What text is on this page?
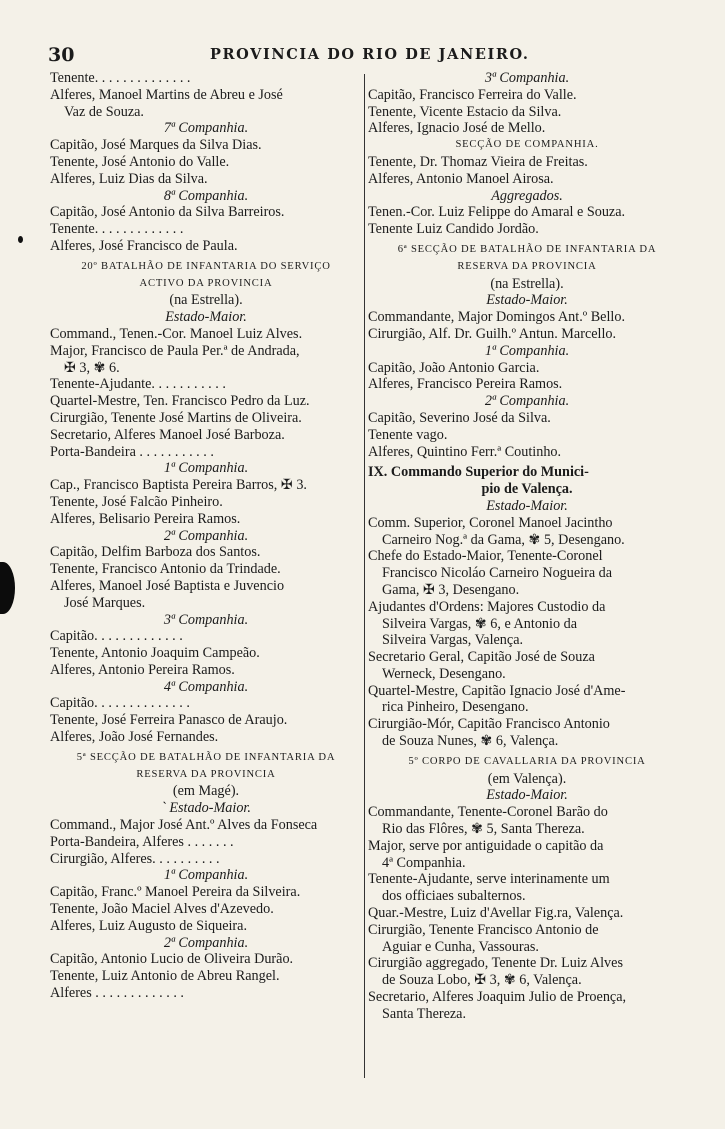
30	PROVINCIA DO RIO DE JANEIRO.
Tenente. . . . . . . . . . . . . .
Alferes, Manoel Martins de Abreu e José
Vaz de Souza.
7ª Companhia.
Capitão, José Marques da Silva Dias.
Tenente, José Antonio do Valle.
Alferes, Luiz Dias da Silva.
8ª Companhia.
Capitão, José Antonio da Silva Barreiros.
Tenente. . . . . . . . . . . . .
Alferes, José Francisco de Paula.
20º BATALHÃO DE INFANTARIA DO SERVIÇO
ACTIVO DA PROVINCIA
(na Estrella).
Estado-Maior.
Command., Tenen.-Cor. Manoel Luiz Alves.
Major, Francisco de Paula Per.ª de Andrada,
✠ 3, ✾ 6.
Tenente-Ajudante. . . . . . . . . . .
Quartel-Mestre, Ten. Francisco Pedro da Luz.
Cirurgião, Tenente José Martins de Oliveira.
Secretario, Alferes Manoel José Barboza.
Porta-Bandeira . . . . . . . . . . .
1ª Companhia.
Cap., Francisco Baptista Pereira Barros, ✠ 3.
Tenente, José Falcão Pinheiro.
Alferes, Belisario Pereira Ramos.
2ª Companhia.
Capitão, Delfim Barboza dos Santos.
Tenente, Francisco Antonio da Trindade.
Alferes, Manoel José Baptista e Juvencio
José Marques.
3ª Companhia.
Capitão. . . . . . . . . . . . .
Tenente, Antonio Joaquim Campeão.
Alferes, Antonio Pereira Ramos.
4ª Companhia.
Capitão. . . . . . . . . . . . . .
Tenente, José Ferreira Panasco de Araujo.
Alferes, João José Fernandes.
5ª SECÇÃO DE BATALHÃO DE INFANTARIA DA
RESERVA DA PROVINCIA
(em Magé).
` Estado-Maior.
Command., Major José Ant.º Alves da Fonseca
Porta-Bandeira, Alferes . . . . . . .
Cirurgião, Alferes. . . . . . . . . .
1ª Companhia.
Capitão, Franc.º Manoel Pereira da Silveira.
Tenente, João Maciel Alves d'Azevedo.
Alferes, Luiz Augusto de Siqueira.
2ª Companhia.
Capitão, Antonio Lucio de Oliveira Durão.
Tenente, Luiz Antonio de Abreu Rangel.
Alferes . . . . . . . . . . . . .
3ª Companhia.
Capitão, Francisco Ferreira do Valle.
Tenente, Vicente Estacio da Silva.
Alferes, Ignacio José de Mello.
SECÇÃO DE COMPANHIA.
Tenente, Dr. Thomaz Vieira de Freitas.
Alferes, Antonio Manoel Airosa.
Aggregados.
Tenen.-Cor. Luiz Felippe do Amaral e Souza.
Tenente Luiz Candido Jordão.
6ª SECÇÃO DE BATALHÃO DE INFANTARIA DA
RESERVA DA PROVINCIA
(na Estrella).
Estado-Maior.
Commandante, Major Domingos Ant.º Bello.
Cirurgião, Alf. Dr. Guilh.º Antun. Marcello.
1ª Companhia.
Capitão, João Antonio Garcia.
Alferes, Francisco Pereira Ramos.
2ª Companhia.
Capitão, Severino José da Silva.
Tenente vago.
Alferes, Quintino Ferr.ª Coutinho.
IX. Commando Superior do Munici-
pio de Valença.
Estado-Maior.
Comm. Superior, Coronel Manoel Jacintho
Carneiro Nog.ª da Gama, ✾ 5, Desengano.
Chefe do Estado-Maior, Tenente-Coronel
Francisco Nicoláo Carneiro Nogueira da
Gama, ✠ 3, Desengano.
Ajudantes d'Ordens: Majores Custodio da
Silveira Vargas, ✾ 6, e Antonio da
Silveira Vargas, Valença.
Secretario Geral, Capitão José de Souza
Werneck, Desengano.
Quartel-Mestre, Capitão Ignacio José d'Ame-
rica Pinheiro, Desengano.
Cirurgião-Mór, Capitão Francisco Antonio
de Souza Nunes, ✾ 6, Valença.
5º CORPO DE CAVALLARIA DA PROVINCIA
(em Valença).
Estado-Maior.
Commandante, Tenente-Coronel Barão do
Rio das Flôres, ✾ 5, Santa Thereza.
Major, serve por antiguidade o capitão da
4ª Companhia.
Tenente-Ajudante, serve interinamente um
dos officiaes subalternos.
Quar.-Mestre, Luiz d'Avellar Fig.ra, Valença.
Cirurgião, Tenente Francisco Antonio de
Aguiar e Cunha, Vassouras.
Cirurgião aggregado, Tenente Dr. Luiz Alves
de Souza Lobo, ✠ 3, ✾ 6, Valença.
Secretario, Alferes Joaquim Julio de Proença,
Santa Thereza.
